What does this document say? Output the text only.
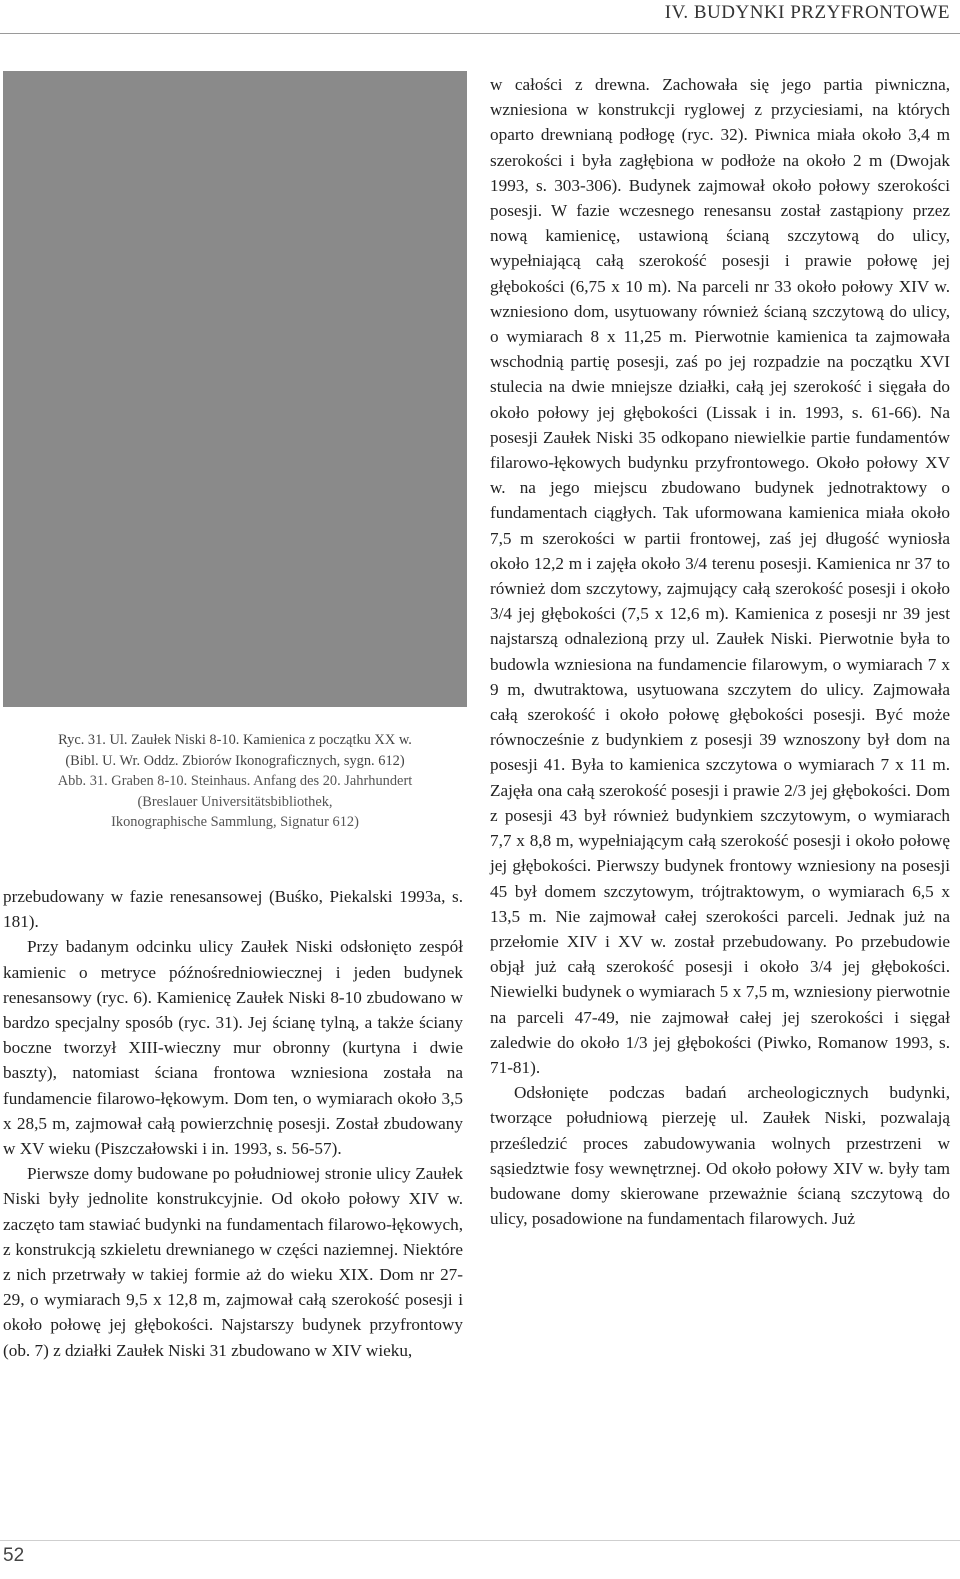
IV. BUDYNKI PRZYFRONTOWE
Ryc. 31. Ul. Zaułek Niski 8-10. Kamienica z początku XX w.
(Bibl. U. Wr. Oddz. Zbiorów Ikonograficznych, sygn. 612)
Abb. 31. Graben 8-10. Steinhaus. Anfang des 20. Jahrhundert
(Breslauer Universitätsbibliothek,
Ikonographische Sammlung, Signatur 612)

przebudowany w fazie renesansowej (Buśko, Piekalski 1993a, s. 181).

Przy badanym odcinku ulicy Zaułek Niski odsłonięto zespół kamienic o metryce późnośredniowiecznej i jeden budynek renesansowy (ryc. 6). Kamienicę Zaułek Niski 8-10 zbudowano w bardzo specjalny sposób (ryc. 31). Jej ścianę tylną, a także ściany boczne tworzył XIII-wieczny mur obronny (kurtyna i dwie baszty), natomiast ściana frontowa wzniesiona została na fundamencie filarowo-łękowym. Dom ten, o wymiarach około 3,5 x 28,5 m, zajmował całą powierzchnię posesji. Został zbudowany w XV wieku (Piszczałowski i in. 1993, s. 56-57).

Pierwsze domy budowane po południowej stronie ulicy Zaułek Niski były jednolite konstrukcyjnie. Od około połowy XIV w. zaczęto tam stawiać budynki na fundamentach filarowo-łękowych, z konstrukcją szkieletu drewnianego w części naziemnej. Niektóre z nich przetrwały w takiej formie aż do wieku XIX. Dom nr 27-29, o wymiarach 9,5 x 12,8 m, zajmował całą szerokość posesji i około połowę jej głębokości. Najstarszy budynek przyfrontowy (ob. 7) z działki Zaułek Niski 31 zbudowano w XIV wieku,

w całości z drewna. Zachowała się jego partia piwniczna, wzniesiona w konstrukcji ryglowej z przyciesiami, na których oparto drewnianą podłogę (ryc. 32). Piwnica miała około 3,4 m szerokości i była zagłębiona w podłoże na około 2 m (Dwojak 1993, s. 303-306). Budynek zajmował około połowy szerokości posesji. W fazie wczesnego renesansu został zastąpiony przez nową kamienicę, ustawioną ścianą szczytową do ulicy, wypełniającą całą szerokość posesji i prawie połowę jej głębokości (6,75 x 10 m). Na parceli nr 33 około połowy XIV w. wzniesiono dom, usytuowany również ścianą szczytową do ulicy, o wymiarach 8 x 11,25 m. Pierwotnie kamienica ta zajmowała wschodnią partię posesji, zaś po jej rozpadzie na początku XVI stulecia na dwie mniejsze działki, całą jej szerokość i sięgała do około połowy jej głębokości (Lissak i in. 1993, s. 61-66). Na posesji Zaułek Niski 35 odkopano niewielkie partie fundamentów filarowo-łękowych budynku przyfrontowego. Około połowy XV w. na jego miejscu zbudowano budynek jednotraktowy o fundamentach ciągłych. Tak uformowana kamienica miała około 7,5 m szerokości w partii frontowej, zaś jej długość wyniosła około 12,2 m i zajęła około 3/4 terenu posesji. Kamienica nr 37 to również dom szczytowy, zajmujący całą szerokość posesji i około 3/4 jej głębokości (7,5 x 12,6 m). Kamienica z posesji nr 39 jest najstarszą odnalezioną przy ul. Zaułek Niski. Pierwotnie była to budowla wzniesiona na fundamencie filarowym, o wymiarach 7 x 9 m, dwutraktowa, usytuowana szczytem do ulicy. Zajmowała całą szerokość i około połowę głębokości posesji. Być może równocześnie z budynkiem z posesji 39 wznoszony był dom na posesji 41. Była to kamienica szczytowa o wymiarach 7 x 11 m. Zajęła ona całą szerokość posesji i prawie 2/3 jej głębokości. Dom z posesji 43 był również budynkiem szczytowym, o wymiarach 7,7 x 8,8 m, wypełniającym całą szerokość posesji i około połowę jej głębokości. Pierwszy budynek frontowy wzniesiony na posesji 45 był domem szczytowym, trójtraktowym, o wymiarach 6,5 x 13,5 m. Nie zajmował całej szerokości parceli. Jednak już na przełomie XIV i XV w. został przebudowany. Po przebudowie objął już całą szerokość posesji i około 3/4 jej głębokości. Niewielki budynek o wymiarach 5 x 7,5 m, wzniesiony pierwotnie na parceli 47-49, nie zajmował całej jej szerokości i sięgał zaledwie do około 1/3 jej głębokości (Piwko, Romanow 1993, s. 71-81).

Odsłonięte podczas badań archeologicznych budynki, tworzące południową pierzeję ul. Zaułek Niski, pozwalają prześledzić proces zabudowywania wolnych przestrzeni w sąsiedztwie fosy wewnętrznej. Od około połowy XIV w. były tam budowane domy skierowane przeważnie ścianą szczytową do ulicy, posadowione na fundamentach filarowych. Już

52
